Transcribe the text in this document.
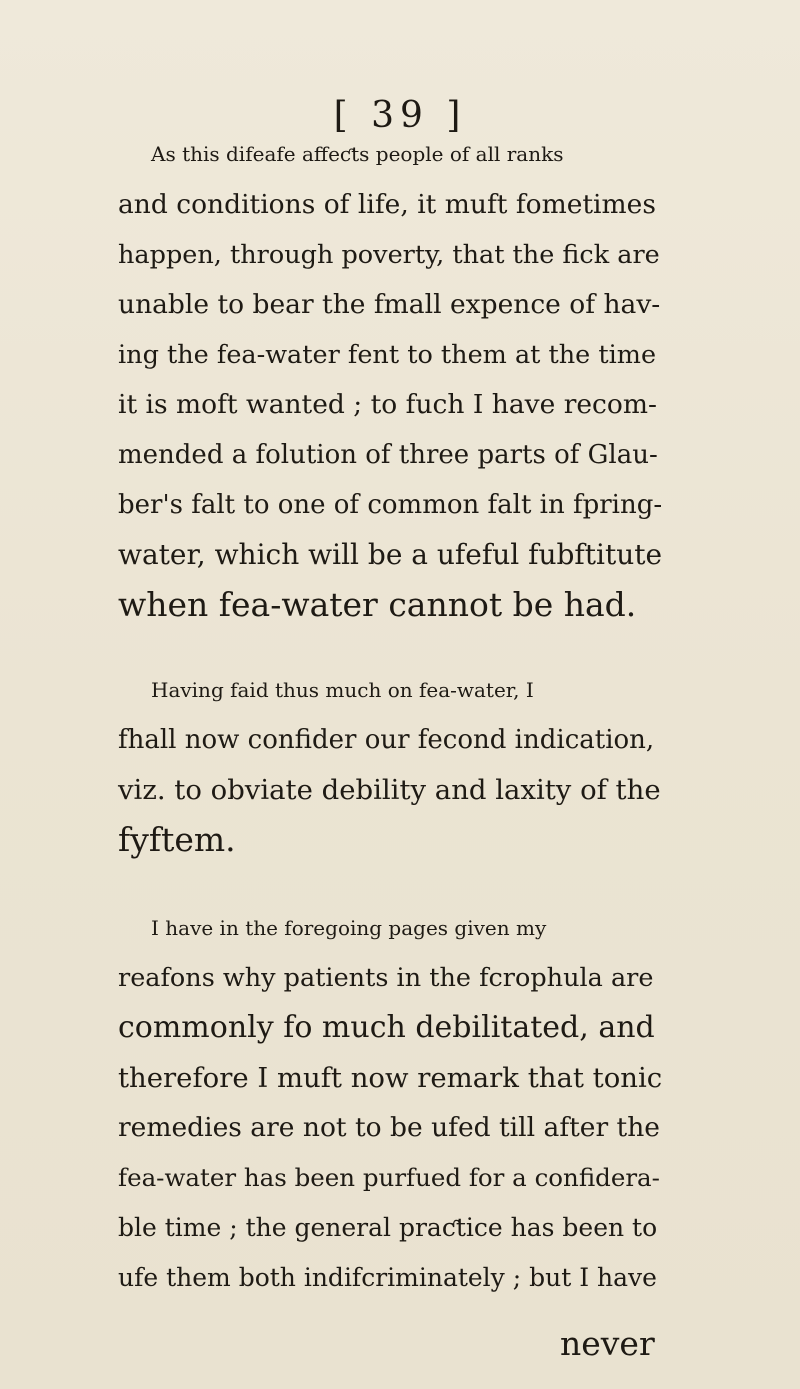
[ 39 ]
As this difeafe affeƈts people of all ranks
and conditions of life, it muft fometimes
happen, through poverty, that the fick are
unable to bear the fmall expence of hav-
ing the fea-water fent to them at the time
it is moft wanted ; to fuch I have recom-
mended a folution of three parts of Glau-
ber's falt to one of common falt in fpring-
water, which will be a ufeful fubftitute
when fea-water cannot be had.
Having faid thus much on fea-water, I
fhall now confider our fecond indication,
viz. to obviate debility and laxity of the
fyftem.
I have in the foregoing pages given my
reafons why patients in the fcrophula are
commonly fo much debilitated, and
therefore I muft now remark that tonic
remedies are not to be ufed till after the
fea-water has been purfued for a confidera-
ble time ; the general praƈtice has been to
ufe them both indifcriminately ; but I have
never
